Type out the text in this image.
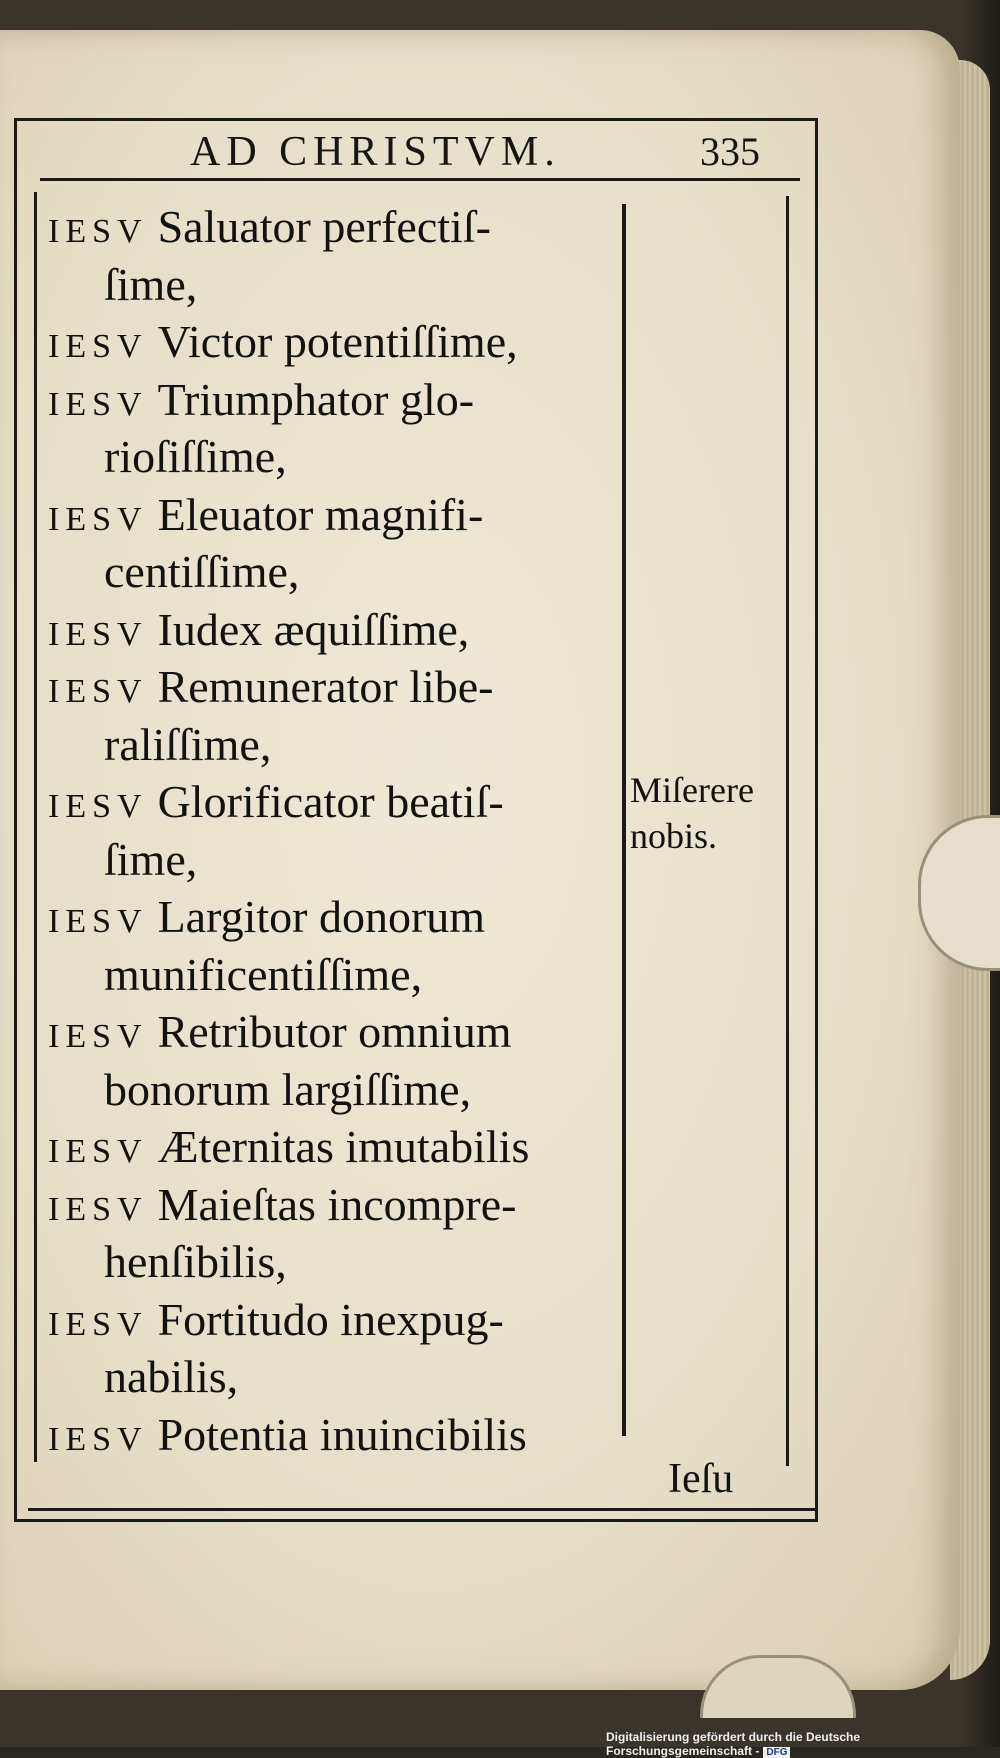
AD CHRISTVM.	335
IESV Saluator perfectiſ-
ſime,
IESV Victor potentiſſime,
IESV Triumphator glo-
rioſiſſime,
IESV Eleuator magnifi-
centiſſime,
IESV Iudex æquiſſime,
IESV Remunerator libe-
raliſſime,
IESV Glorificator beatiſ-
ſime,
IESV Largitor donorum
munificentiſſime,
IESV Retributor omnium
bonorum largiſſime,
IESV Æternitas imutabilis
IESV Maieſtas incompre-
henſibilis,
IESV Fortitudo inexpug-
nabilis,
IESV Potentia inuincibilis
Miſerere
nobis.
Ieſu
Digitalisierung gefördert durch die Deutsche Forschungsgemeinschaft - DFG
